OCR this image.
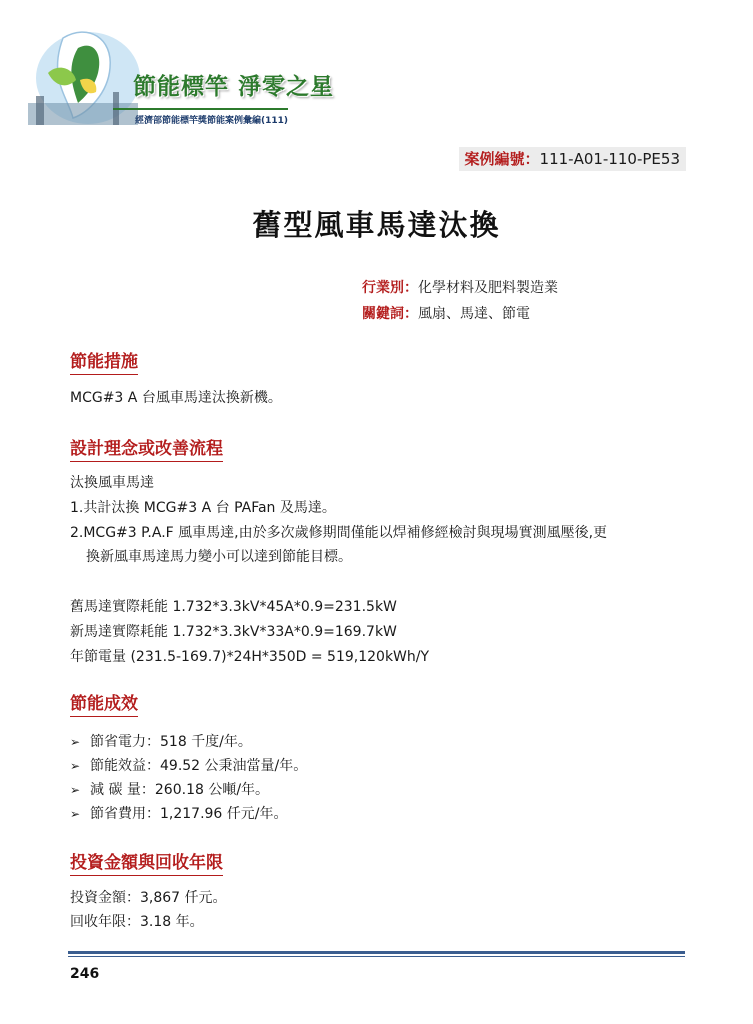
節能標竿 淨零之星
經濟部節能標竿獎節能案例彙編(111)
案例編號：111-A01-110-PE53
舊型風車馬達汰換
行業別：化學材料及肥料製造業
關鍵詞：風扇、馬達、節電
節能措施
MCG#3 A 台風車馬達汰換新機。
設計理念或改善流程
汰換風車馬達
1.共計汰換 MCG#3 A 台 PAFan 及馬達。
2.MCG#3 P.A.F 風車馬達,由於多次歲修期間僅能以焊補修經檢討與現場實測風壓後,更
換新風車馬達馬力變小可以達到節能目標。
舊馬達實際耗能 1.732*3.3kV*45A*0.9=231.5kW
新馬達實際耗能 1.732*3.3kV*33A*0.9=169.7kW
年節電量 (231.5-169.7)*24H*350D = 519,120kWh/Y
節能成效
➢ 節省電力：518 千度/年。
➢ 節能效益：49.52 公秉油當量/年。
➢ 減 碳 量：260.18 公噸/年。
➢ 節省費用：1,217.96 仟元/年。
投資金額與回收年限
投資金額：3,867 仟元。
回收年限：3.18 年。
246
